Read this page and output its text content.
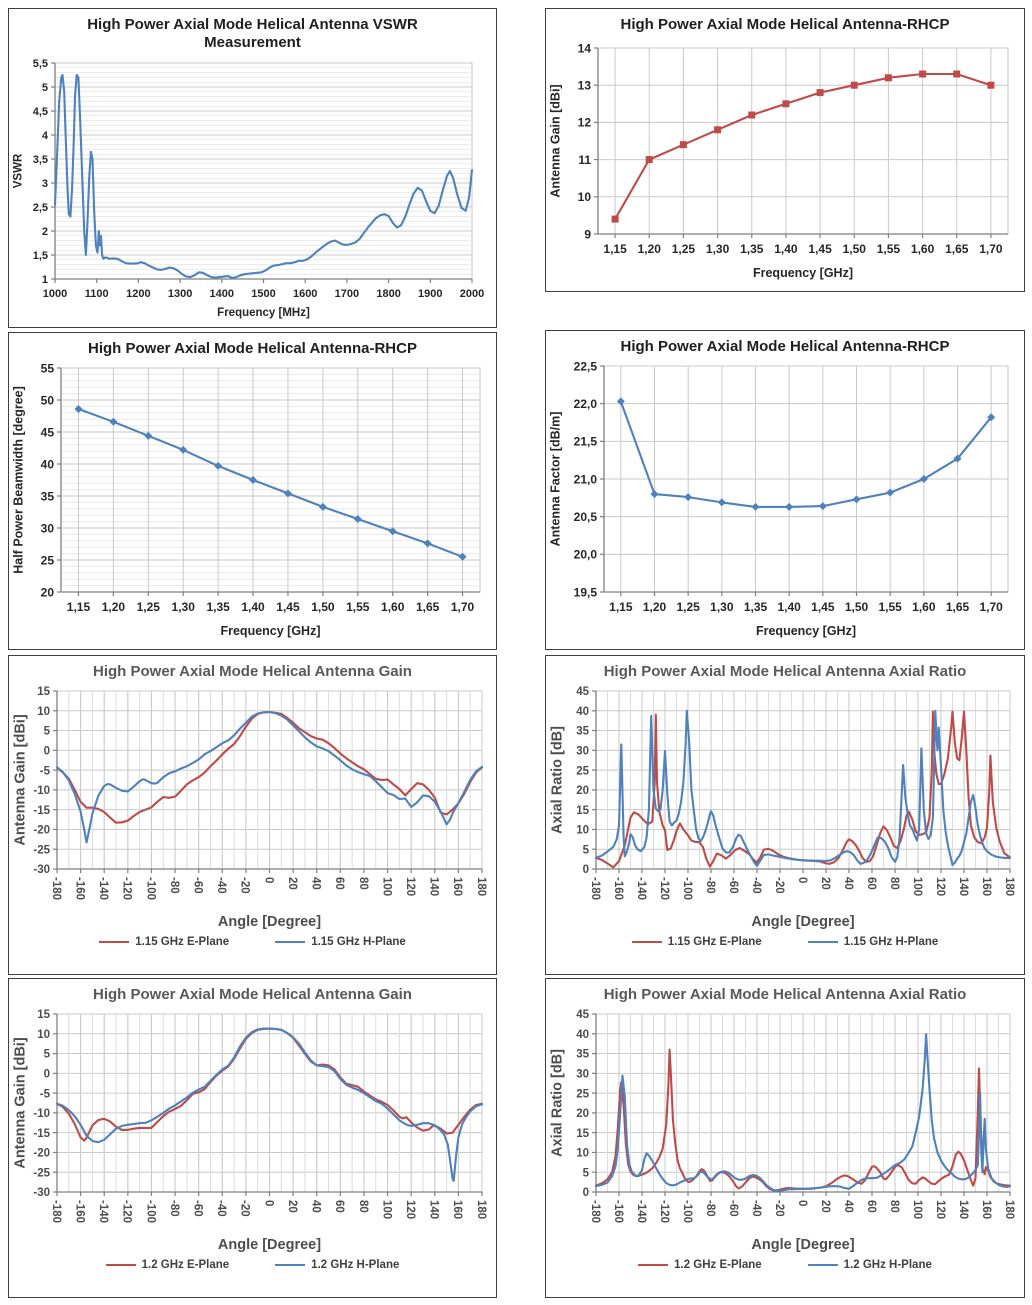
High Power Axial Mode Helical Antenna VSWR Measurement
1
1,5
2
2,5
3
3,5
4
4,5
5
5,5
1000 1100 1200 1300 1400 1500 1600 1700 1800 1900 2000
Frequency [MHz]
VSWR
High Power Axial Mode Helical Antenna-RHCP
9
10
11
12
13
14
1,15 1,20 1,25 1,30 1,35 1,40 1,45 1,50 1,55 1,60 1,65 1,70
Frequency [GHz]
Antenna Gain [dBi]
High Power Axial Mode Helical Antenna-RHCP
20
25
30
35
40
45
50
55
1,15 1,20 1,25 1,30 1,35 1,40 1,45 1,50 1,55 1,60 1,65 1,70
Frequency [GHz]
Half Power Beamwidth [degree]
High Power Axial Mode Helical Antenna-RHCP
19,5
20,0
20,5
21,0
21,5
22,0
22,5
1,15 1,20 1,25 1,30 1,35 1,40 1,45 1,50 1,55 1,60 1,65 1,70
Frequency [GHz]
Antenna Factor [dB/m]
High Power Axial Mode Helical Antenna Gain
-30
-25
-20
-15
-10
-5
0
5
10
15
-180 -160 -140 -120 -100 -80 -60 -40 -20 0 20 40 60 80 100 120 140 160 180
Angle [Degree]
Antenna Gain [dBi]
1.15 GHz E-Plane	1.15 GHz H-Plane
High Power Axial Mode Helical Antenna Axial Ratio
0
5
10
15
20
25
30
35
40
45
-180 -160 -140 -120 -100 -80 -60 -40 -20 0 20 40 60 80 100 120 140 160 180
Angle [Degree]
Axial Ratio [dB]
1.15 GHz E-Plane	1.15 GHz H-Plane
High Power Axial Mode Helical Antenna Gain
-30
-25
-20
-15
-10
-5
0
5
10
15
-180 -160 -140 -120 -100 -80 -60 -40 -20 0 20 40 60 80 100 120 140 160 180
Angle [Degree]
Antenna Gain [dBi]
1.2 GHz E-Plane	1.2 GHz H-Plane
High Power Axial Mode Helical Antenna Axial Ratio
0
5
10
15
20
25
30
35
40
45
-180 -160 -140 -120 -100 -80 -60 -40 -20 0 20 40 60 80 100 120 140 160 180
Angle [Degree]
Axial Ratio [dB]
1.2 GHz E-Plane	1.2 GHz H-Plane
